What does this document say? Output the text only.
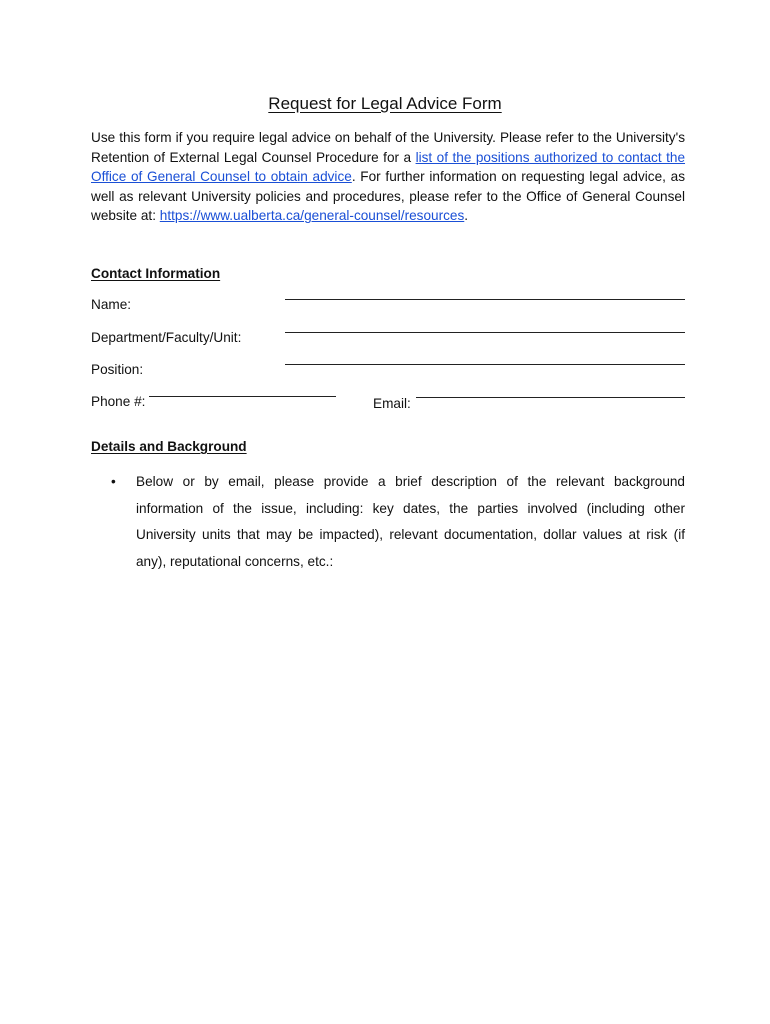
Request for Legal Advice Form
Use this form if you require legal advice on behalf of the University. Please refer to the University's Retention of External Legal Counsel Procedure for a list of the positions authorized to contact the Office of General Counsel to obtain advice. For further information on requesting legal advice, as well as relevant University policies and procedures, please refer to the Office of General Counsel website at: https://www.ualberta.ca/general-counsel/resources.
Contact Information
Name:
Department/Faculty/Unit:
Position:
Phone #:	Email:
Details and Background
• Below or by email, please provide a brief description of the relevant background information of the issue, including: key dates, the parties involved (including other University units that may be impacted), relevant documentation, dollar values at risk (if any), reputational concerns, etc.:
